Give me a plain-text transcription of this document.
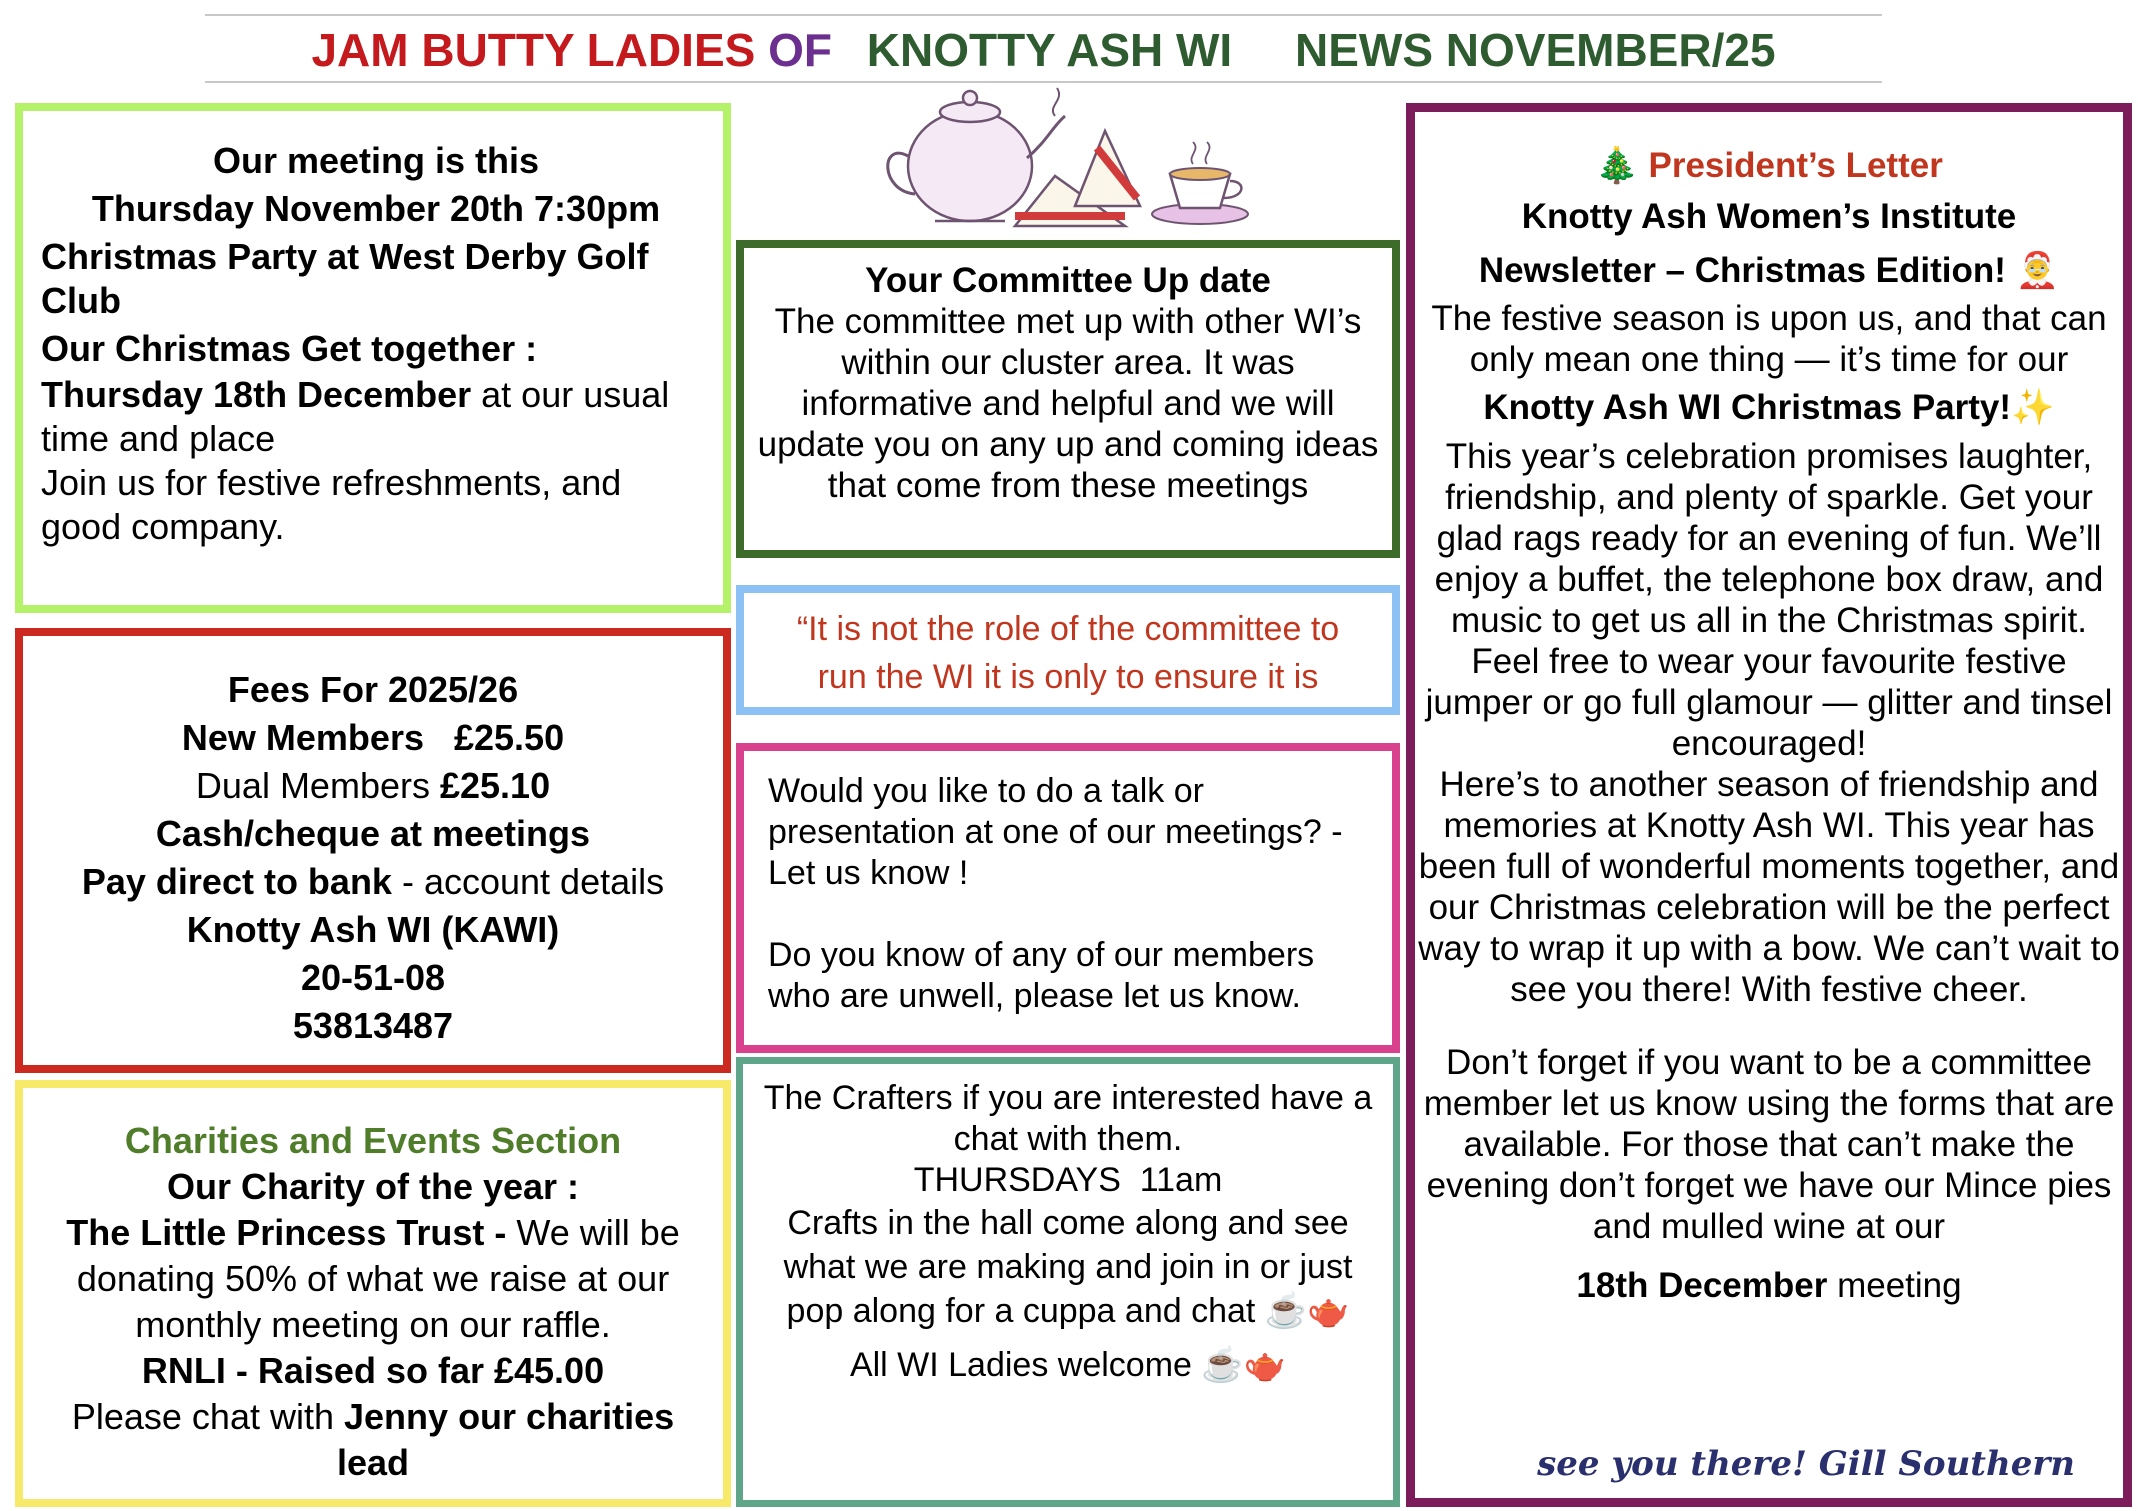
JAM BUTTY LADIES OF KNOTTY ASH WI NEWS NOVEMBER/25

Our meeting is this

Thursday November 20th 7:30pm

Christmas Party at West Derby Golf Club

Our Christmas Get together :

Thursday 18th December at our usual time and place

Join us for festive refreshments, and good company.

Fees For 2025/26

New Members   £25.50

Dual Members £25.10

Cash/cheque at meetings

Pay direct to bank - account details

Knotty Ash WI (KAWI)

20-51-08

53813487

Charities and Events Section

Our Charity of the year :

The Little Princess Trust - We will be donating 50% of what we raise at our monthly meeting on our raffle.

RNLI - Raised so far £45.00

Please chat with Jenny our charities lead

Your Committee Up date

The committee met up with other WI’s within our cluster area. It was informative and helpful and we will update you on any up and coming ideas that come from these meetings

“It is not the role of the committee to run the WI it is only to ensure it is

Would you like to do a talk or presentation at one of our meetings? - Let us know !

Do you know of any of our members who are unwell, please let us know.

The Crafters if you are interested have a chat with them.

THURSDAYS  11am

Crafts in the hall come along and see what we are making and join in or just pop along for a cuppa and chat ☕🫖

All WI Ladies welcome ☕🫖

🎄 President’s Letter

Knotty Ash Women’s Institute

Newsletter – Christmas Edition! 🤶

The festive season is upon us, and that can only mean one thing — it’s time for our

Knotty Ash WI Christmas Party!✨

This year’s celebration promises laughter, friendship, and plenty of sparkle. Get your glad rags ready for an evening of fun. We’ll enjoy a buffet, the telephone box draw, and music to get us all in the Christmas spirit.

Feel free to wear your favourite festive jumper or go full glamour — glitter and tinsel encouraged!

Here’s to another season of friendship and memories at Knotty Ash WI. This year has been full of wonderful moments together, and our Christmas celebration will be the perfect way to wrap it up with a bow. We can’t wait to see you there! With festive cheer.

Don’t forget if you want to be a committee member let us know using the forms that are available. For those that can’t make the evening don’t forget we have our Mince pies and mulled wine at our

18th December meeting

see you there! Gill Southern
